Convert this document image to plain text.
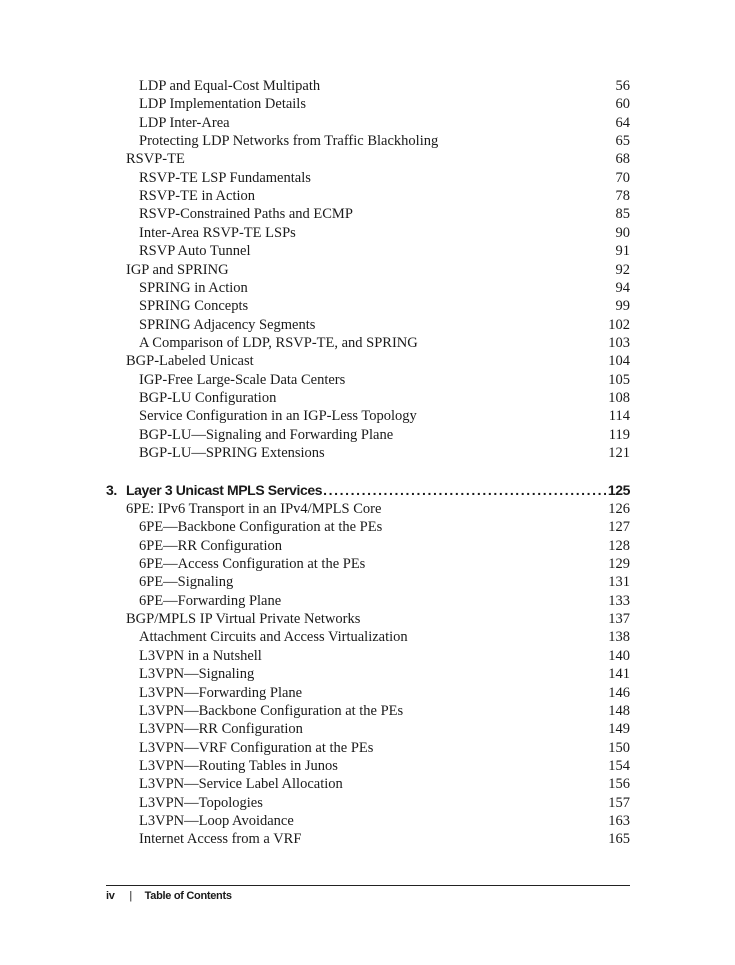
LDP and Equal-Cost Multipath	56
LDP Implementation Details	60
LDP Inter-Area	64
Protecting LDP Networks from Traffic Blackholing	65
RSVP-TE	68
RSVP-TE LSP Fundamentals	70
RSVP-TE in Action	78
RSVP-Constrained Paths and ECMP	85
Inter-Area RSVP-TE LSPs	90
RSVP Auto Tunnel	91
IGP and SPRING	92
SPRING in Action	94
SPRING Concepts	99
SPRING Adjacency Segments	102
A Comparison of LDP, RSVP-TE, and SPRING	103
BGP-Labeled Unicast	104
IGP-Free Large-Scale Data Centers	105
BGP-LU Configuration	108
Service Configuration in an IGP-Less Topology	114
BGP-LU—Signaling and Forwarding Plane	119
BGP-LU—SPRING Extensions	121
3. Layer 3 Unicast MPLS Services .....	125
6PE: IPv6 Transport in an IPv4/MPLS Core	126
6PE—Backbone Configuration at the PEs	127
6PE—RR Configuration	128
6PE—Access Configuration at the PEs	129
6PE—Signaling	131
6PE—Forwarding Plane	133
BGP/MPLS IP Virtual Private Networks	137
Attachment Circuits and Access Virtualization	138
L3VPN in a Nutshell	140
L3VPN—Signaling	141
L3VPN—Forwarding Plane	146
L3VPN—Backbone Configuration at the PEs	148
L3VPN—RR Configuration	149
L3VPN—VRF Configuration at the PEs	150
L3VPN—Routing Tables in Junos	154
L3VPN—Service Label Allocation	156
L3VPN—Topologies	157
L3VPN—Loop Avoidance	163
Internet Access from a VRF	165
iv | Table of Contents
